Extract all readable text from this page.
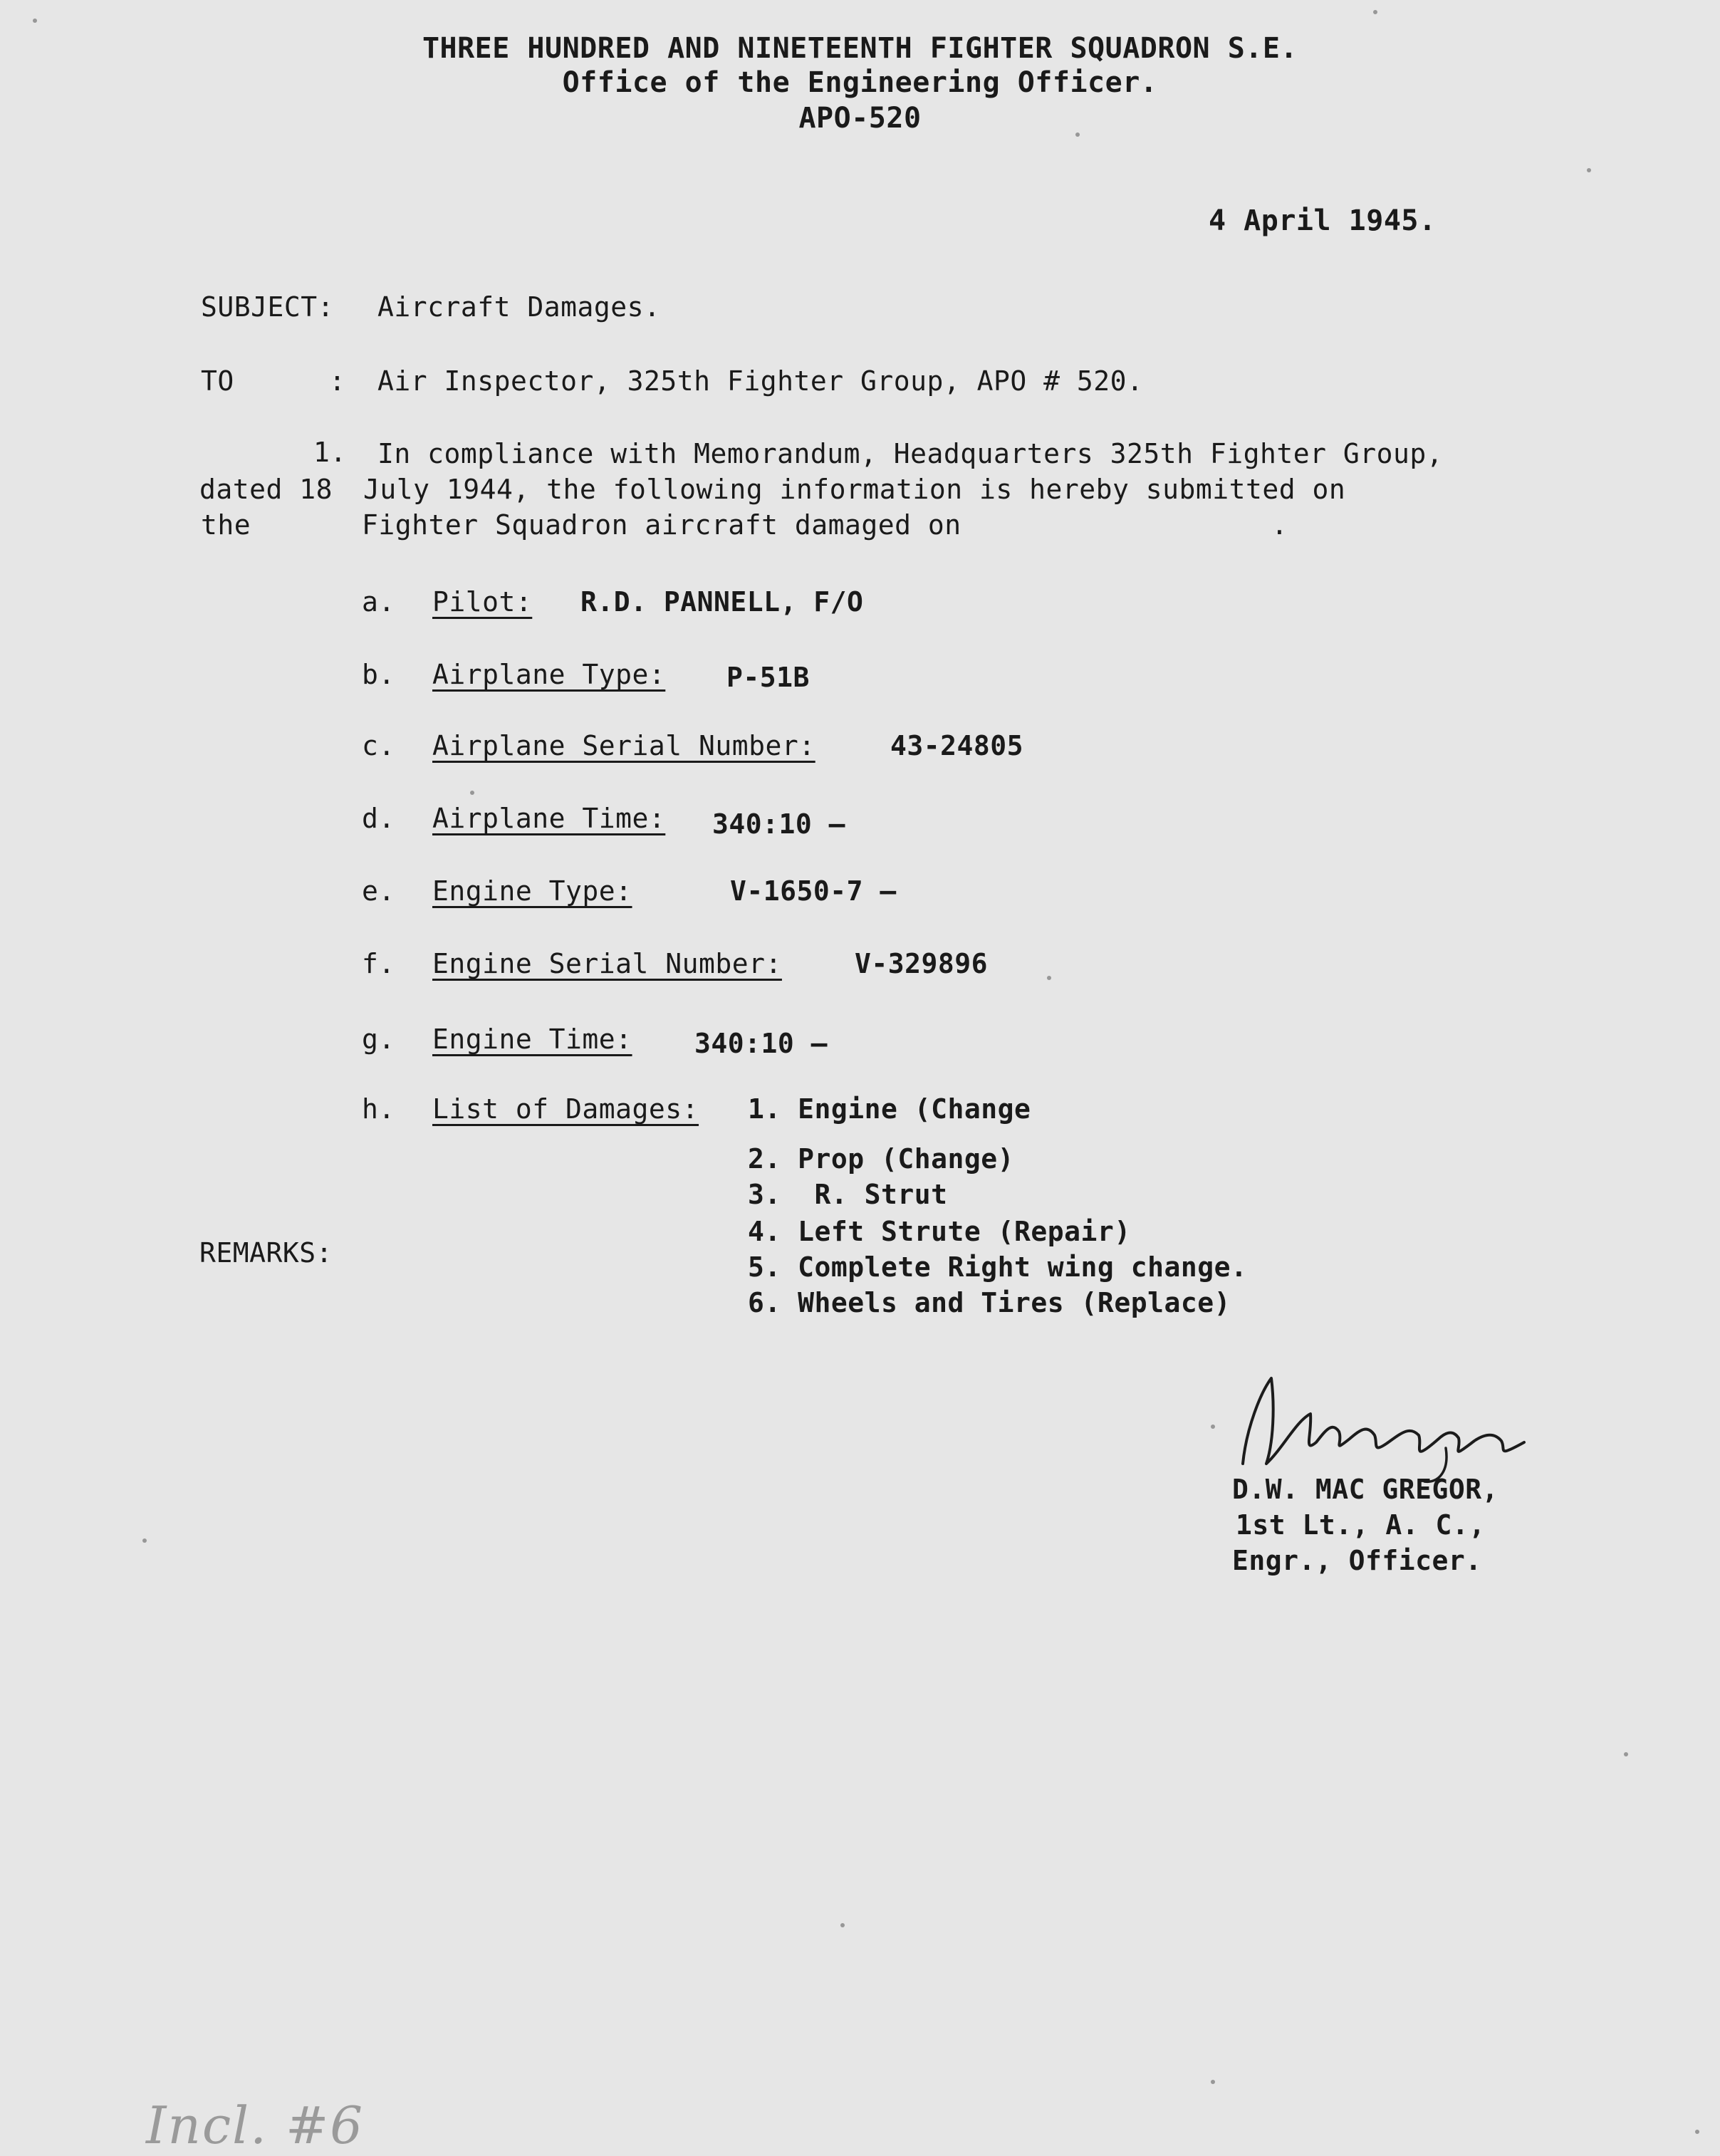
THREE HUNDRED AND NINETEENTH FIGHTER SQUADRON S.E.
Office of the Engineering Officer.
APO-520
4 April 1945.
SUBJECT: Aircraft Damages.
TO	: Air Inspector, 325th Fighter Group, APO # 520.
1. In compliance with Memorandum, Headquarters 325th Fighter Group,
dated 18 July 1944, the following information is hereby submitted on
the	Fighter Squadron aircraft damaged on	.
a. Pilot: R.D. PANNELL, F/O
b. Airplane Type: P-51B
c. Airplane Serial Number:	43-24805
d. Airplane Time: 340:10 —
e. Engine Type:	V-1650-7 —
f. Engine Serial Number:	V-329896
g. Engine Time: 340:10 —
h. List of Damages: 1. Engine (Change
2. Prop (Change)
3.  R. Strut
4. Left Strute (Repair)
5. Complete Right wing change.
6. Wheels and Tires (Replace)
REMARKS:
D.W. MAC GREGOR,
1st Lt., A. C.,
Engr., Officer.
Incl. #6
